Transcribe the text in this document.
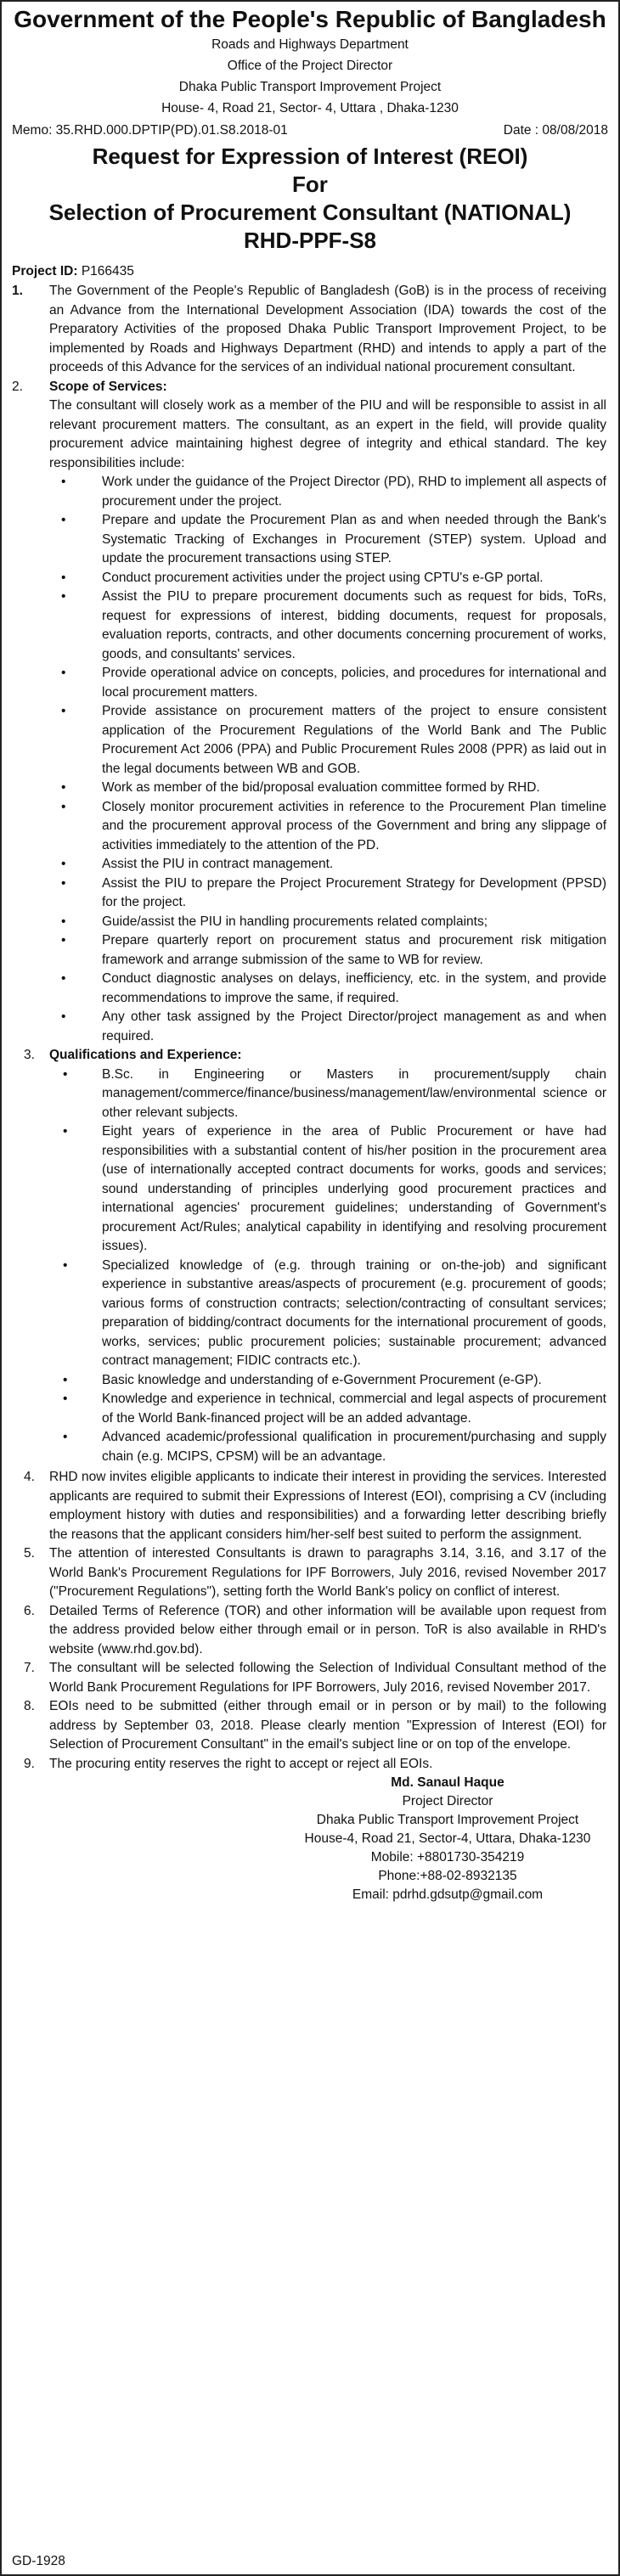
Government of the People's Republic of Bangladesh
Roads and Highways Department
Office of the Project Director
Dhaka Public Transport Improvement Project
House- 4, Road 21, Sector- 4, Uttara , Dhaka-1230
Memo: 35.RHD.000.DPTIP(PD).01.S8.2018-01	Date : 08/08/2018
Request for Expression of Interest (REOI)
For
Selection of Procurement Consultant (NATIONAL)
RHD-PPF-S8
Project ID: P166435
1.	The Government of the People's Republic of Bangladesh (GoB) is in the process of receiving an Advance from the International Development Association (IDA) towards the cost of the Preparatory Activities of the proposed Dhaka Public Transport Improvement Project, to be implemented by Roads and Highways Department (RHD) and intends to apply a part of the proceeds of this Advance for the services of an individual national procurement consultant.
2.	Scope of Services:
The consultant will closely work as a member of the PIU and will be responsible to assist in all relevant procurement matters. The consultant, as an expert in the field, will provide quality procurement advice maintaining highest degree of integrity and ethical standard. The key responsibilities include:
•	Work under the guidance of the Project Director (PD), RHD to implement all aspects of procurement under the project.
•	Prepare and update the Procurement Plan as and when needed through the Bank's Systematic Tracking of Exchanges in Procurement (STEP) system. Upload and update the procurement transactions using STEP.
•	Conduct procurement activities under the project using CPTU's e-GP portal.
•	Assist the PIU to prepare procurement documents such as request for bids, ToRs, request for expressions of interest, bidding documents, request for proposals, evaluation reports, contracts, and other documents concerning procurement of works, goods, and consultants' services.
•	Provide operational advice on concepts, policies, and procedures for international and local procurement matters.
•	Provide assistance on procurement matters of the project to ensure consistent application of the Procurement Regulations of the World Bank and The Public Procurement Act 2006 (PPA) and Public Procurement Rules 2008 (PPR) as laid out in the legal documents between WB and GOB.
•	Work as member of the bid/proposal evaluation committee formed by RHD.
•	Closely monitor procurement activities in reference to the Procurement Plan timeline and the procurement approval process of the Government and bring any slippage of activities immediately to the attention of the PD.
•	Assist the PIU in contract management.
•	Assist the PIU to prepare the Project Procurement Strategy for Development (PPSD) for the project.
•	Guide/assist the PIU in handling procurements related complaints;
•	Prepare quarterly report on procurement status and procurement risk mitigation framework and arrange submission of the same to WB for review.
•	Conduct diagnostic analyses on delays, inefficiency, etc. in the system, and provide recommendations to improve the same, if required.
•	Any other task assigned by the Project Director/project management as and when required.
3.	Qualifications and Experience:
•	B.Sc. in Engineering or Masters in procurement/supply chain management/commerce/finance/business/management/law/environmental science or other relevant subjects.
•	Eight years of experience in the area of Public Procurement or have had responsibilities with a substantial content of his/her position in the procurement area (use of internationally accepted contract documents for works, goods and services; sound understanding of principles underlying good procurement practices and international agencies' procurement guidelines; understanding of Government's procurement Act/Rules; analytical capability in identifying and resolving procurement issues).
•	Specialized knowledge of (e.g. through training or on-the-job) and significant experience in substantive areas/aspects of procurement (e.g. procurement of goods; various forms of construction contracts; selection/contracting of consultant services; preparation of bidding/contract documents for the international procurement of goods, works, services; public procurement policies; sustainable procurement; advanced contract management; FIDIC contracts etc.).
•	Basic knowledge and understanding of e-Government Procurement (e-GP).
•	Knowledge and experience in technical, commercial and legal aspects of procurement of the World Bank-financed project will be an added advantage.
•	Advanced academic/professional qualification in procurement/purchasing and supply chain (e.g. MCIPS, CPSM) will be an advantage.
4.	RHD now invites eligible applicants to indicate their interest in providing the services. Interested applicants are required to submit their Expressions of Interest (EOI), comprising a CV (including employment history with duties and responsibilities) and a forwarding letter describing briefly the reasons that the applicant considers him/her-self best suited to perform the assignment.
5.	The attention of interested Consultants is drawn to paragraphs 3.14, 3.16, and 3.17 of the World Bank's Procurement Regulations for IPF Borrowers, July 2016, revised November 2017 ("Procurement Regulations"), setting forth the World Bank's policy on conflict of interest.
6.	Detailed Terms of Reference (TOR) and other information will be available upon request from the address provided below either through email or in person. ToR is also available in RHD's website (www.rhd.gov.bd).
7.	The consultant will be selected following the Selection of Individual Consultant method of the World Bank Procurement Regulations for IPF Borrowers, July 2016, revised November 2017.
8.	EOIs need to be submitted (either through email or in person or by mail) to the following address by September 03, 2018. Please clearly mention "Expression of Interest (EOI) for Selection of Procurement Consultant" in the email's subject line or on top of the envelope.
9.	The procuring entity reserves the right to accept or reject all EOIs.
Md. Sanaul Haque
Project Director
Dhaka Public Transport Improvement Project
House-4, Road 21, Sector-4, Uttara, Dhaka-1230
Mobile: +8801730-354219
Phone:+88-02-8932135
Email: pdrhd.gdsutp@gmail.com
GD-1928
